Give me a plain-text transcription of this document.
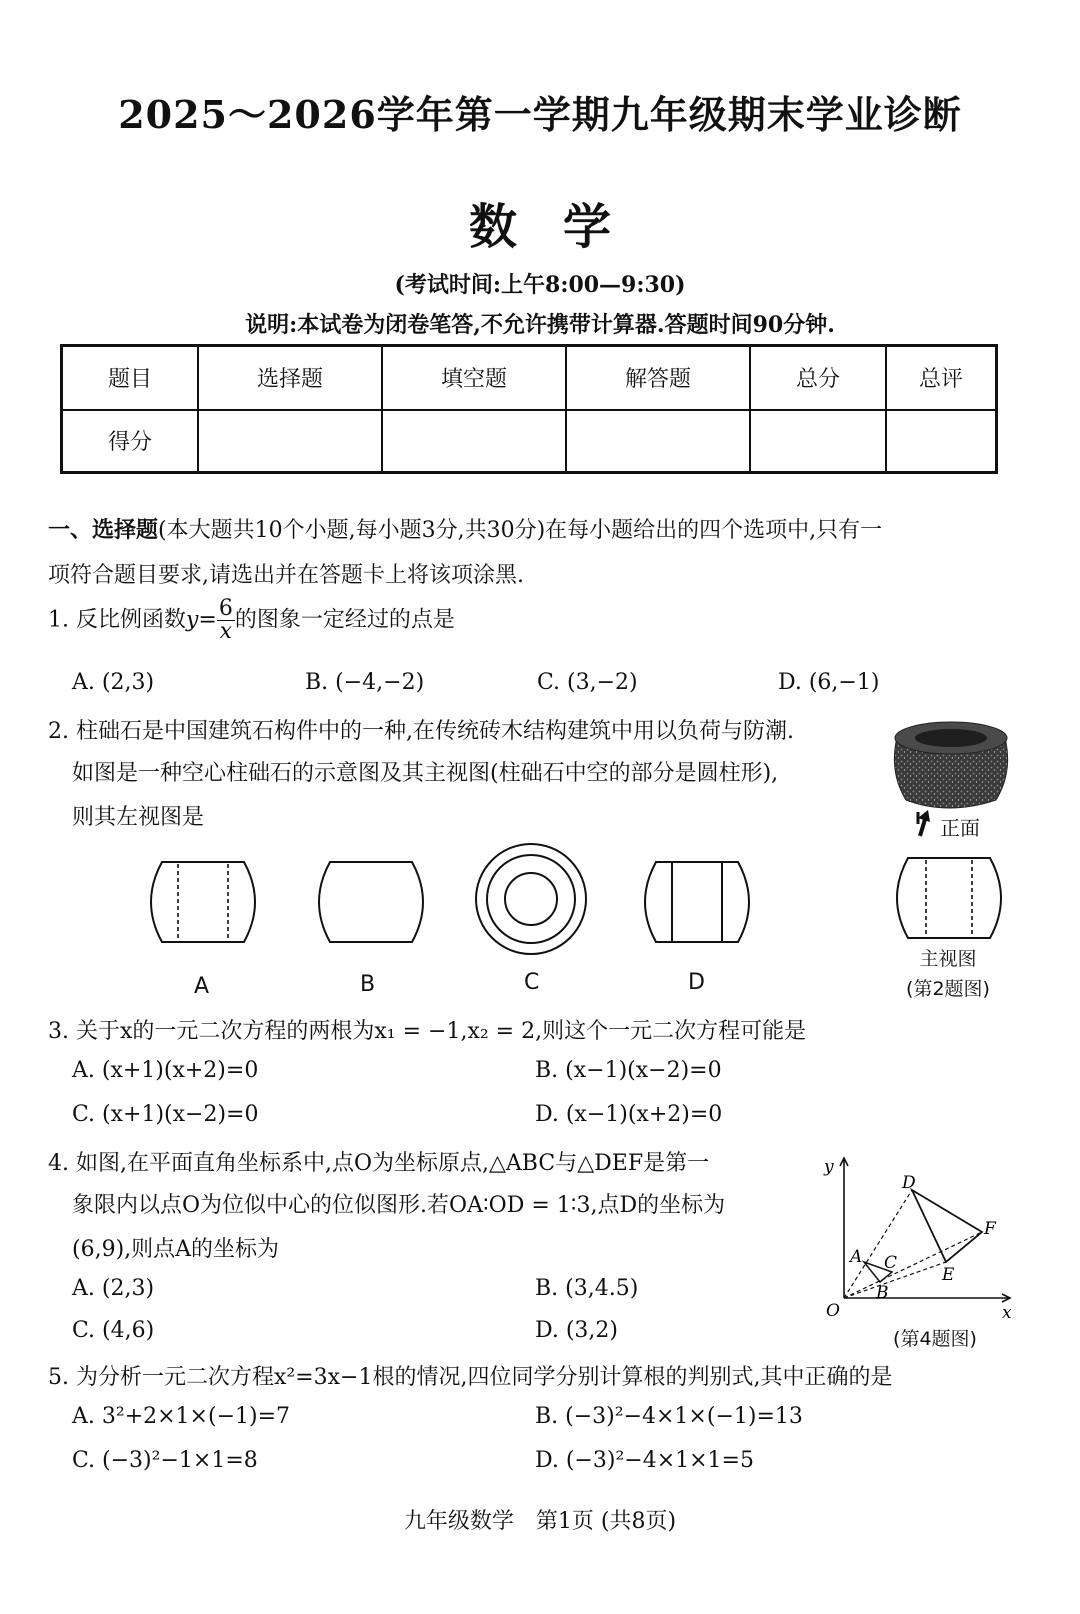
2025～2026学年第一学期九年级期末学业诊断
数学
(考试时间:上午8:00—9:30)
说明:本试卷为闭卷笔答,不允许携带计算器.答题时间90分钟.
题目	选择题	填空题	解答题	总分	总评
得分					
一、选择题(本大题共10个小题,每小题3分,共30分)在每小题给出的四个选项中,只有一
项符合题目要求,请选出并在答题卡上将该项涂黑.
1. 反比例函数$y= \frac{6}{x}$ 的图象一定经过的点是
A. (2,3)	B. (−4,−2)	C. (3,−2)	D. (6,−1)
2. 柱础石是中国建筑石构件中的一种,在传统砖木结构建筑中用以负荷与防潮.
如图是一种空心柱础石的示意图及其主视图(柱础石中空的部分是圆柱形),
则其左视图是	正面
A	B	C	D
主视图
(第2题图)
3. 关于x的一元二次方程的两根为x₁ = −1,x₂ = 2,则这个一元二次方程可能是
A. (x+1)(x+2)=0	B. (x−1)(x−2)=0
C. (x+1)(x−2)=0	D. (x−1)(x+2)=0
4. 如图,在平面直角坐标系中,点O为坐标原点,△ABC与△DEF是第一
象限内以点O为位似中心的位似图形.若OA∶OD = 1∶3,点D的坐标为
(6,9),则点A的坐标为
A. (2,3)	B. (3,4.5)
C. (4,6)	D. (3,2)
y
x
O
A
B
C
D
E
F
(第4题图)
5. 为分析一元二次方程x²=3x−1根的情况,四位同学分别计算根的判别式,其中正确的是
A. 3²+2×1×(−1)=7	B. (−3)²−4×1×(−1)=13
C. (−3)²−1×1=8	D. (−3)²−4×1×1=5
九年级数学　第1页 (共8页)
